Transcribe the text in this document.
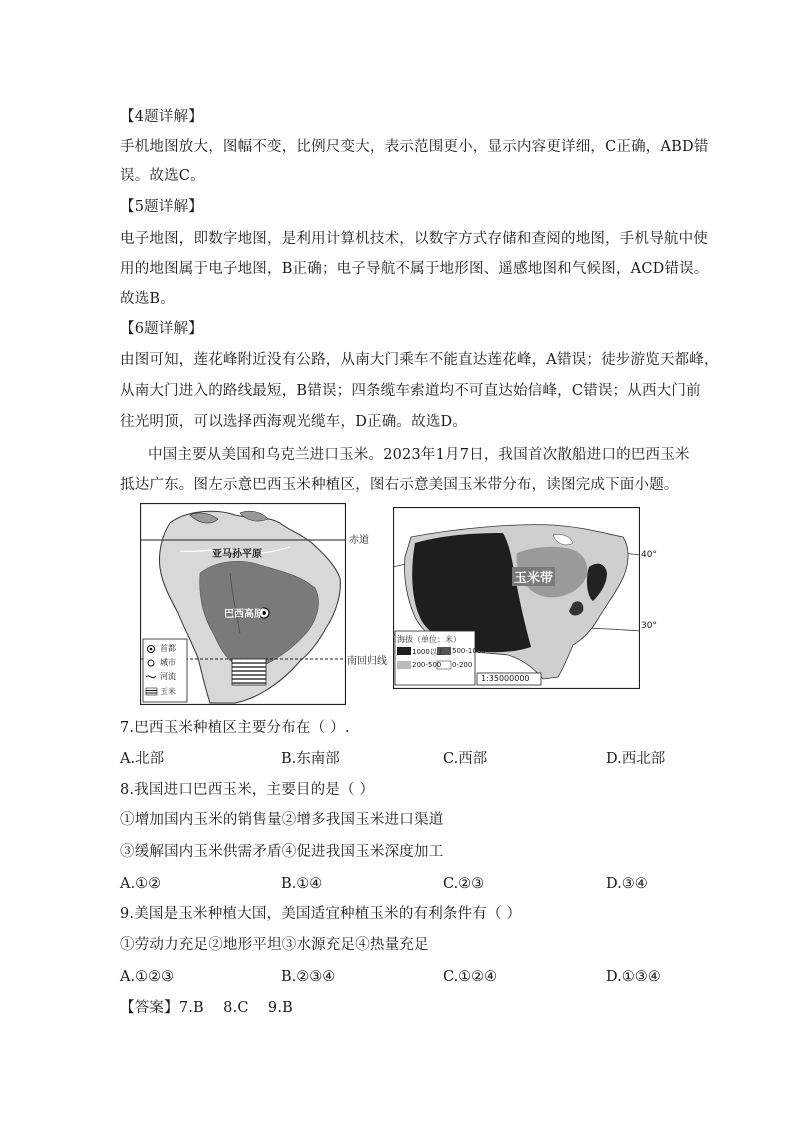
【4题详解】
手机地图放大，图幅不变，比例尺变大，表示范围更小，显示内容更详细，C正确，ABD错
误。故选C。
【5题详解】
电子地图，即数字地图，是利用计算机技术，以数字方式存储和查阅的地图，手机导航中使
用的地图属于电子地图，B正确；电子导航不属于地形图、遥感地图和气候图，ACD错误。
故选B。
【6题详解】
由图可知，莲花峰附近没有公路，从南大门乘车不能直达莲花峰，A错误；徒步游览天都峰，
从南大门进入的路线最短，B错误；四条缆车索道均不可直达始信峰，C错误；从西大门前
往光明顶，可以选择西海观光缆车，D正确。故选D。
中国主要从美国和乌克兰进口玉米。2023年1月7日，我国首次散船进口的巴西玉米
抵达广东。图左示意巴西玉米种植区，图右示意美国玉米带分布，读图完成下面小题。
亚马孙平原
巴西高原
首都
城市
河流
玉米
赤道
南回归线
玉米带
海拔（单位：米）
1000以上 500-1000
200-500 0-200
1:35000000
40°
30°
7.巴西玉米种植区主要分布在（ ）.
A.北部	B.东南部	C.西部	D.西北部
8.我国进口巴西玉米，主要目的是（ ）
①增加国内玉米的销售量②增多我国玉米进口渠道
③缓解国内玉米供需矛盾④促进我国玉米深度加工
A.①②	B.①④	C.②③	D.③④
9.美国是玉米种植大国，美国适宜种植玉米的有利条件有（ ）
①劳动力充足②地形平坦③水源充足④热量充足
A.①②③	B.②③④	C.①②④	D.①③④
【答案】7.B    8.C    9.B
